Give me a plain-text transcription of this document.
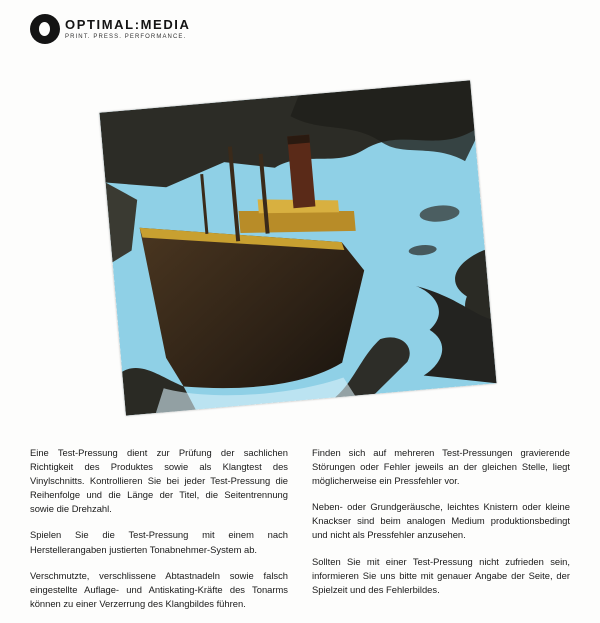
OPTIMAL:MEDIA
PRINT. PRESS. PERFORMANCE.

Eine Test-Pressung dient zur Prüfung der sachlichen Richtigkeit des Produktes sowie als Klangtest des Vinylschnitts. Kontrollieren Sie bei jeder Test-Pressung die Reihenfolge und die Länge der Titel, die Seitentrennung sowie die Drehzahl.

Spielen Sie die Test-Pressung mit einem nach Herstellerangaben justierten Tonabnehmer-System ab.

Verschmutzte, verschlissene Abtastnadeln sowie falsch eingestellte Auflage- und Antiskating-Kräfte des Tonarms können zu einer Verzerrung des Klangbildes führen.

Finden sich auf mehreren Test-Pressungen gravierende Störungen oder Fehler jeweils an der gleichen Stelle, liegt möglicherweise ein Pressfehler vor.

Neben- oder Grundgeräusche, leichtes Knistern oder kleine Knackser sind beim analogen Medium produktionsbedingt und nicht als Pressfehler anzusehen.

Sollten Sie mit einer Test-Pressung nicht zufrieden sein, informieren Sie uns bitte mit genauer Angabe der Seite, der Spielzeit und des Fehlerbildes.
